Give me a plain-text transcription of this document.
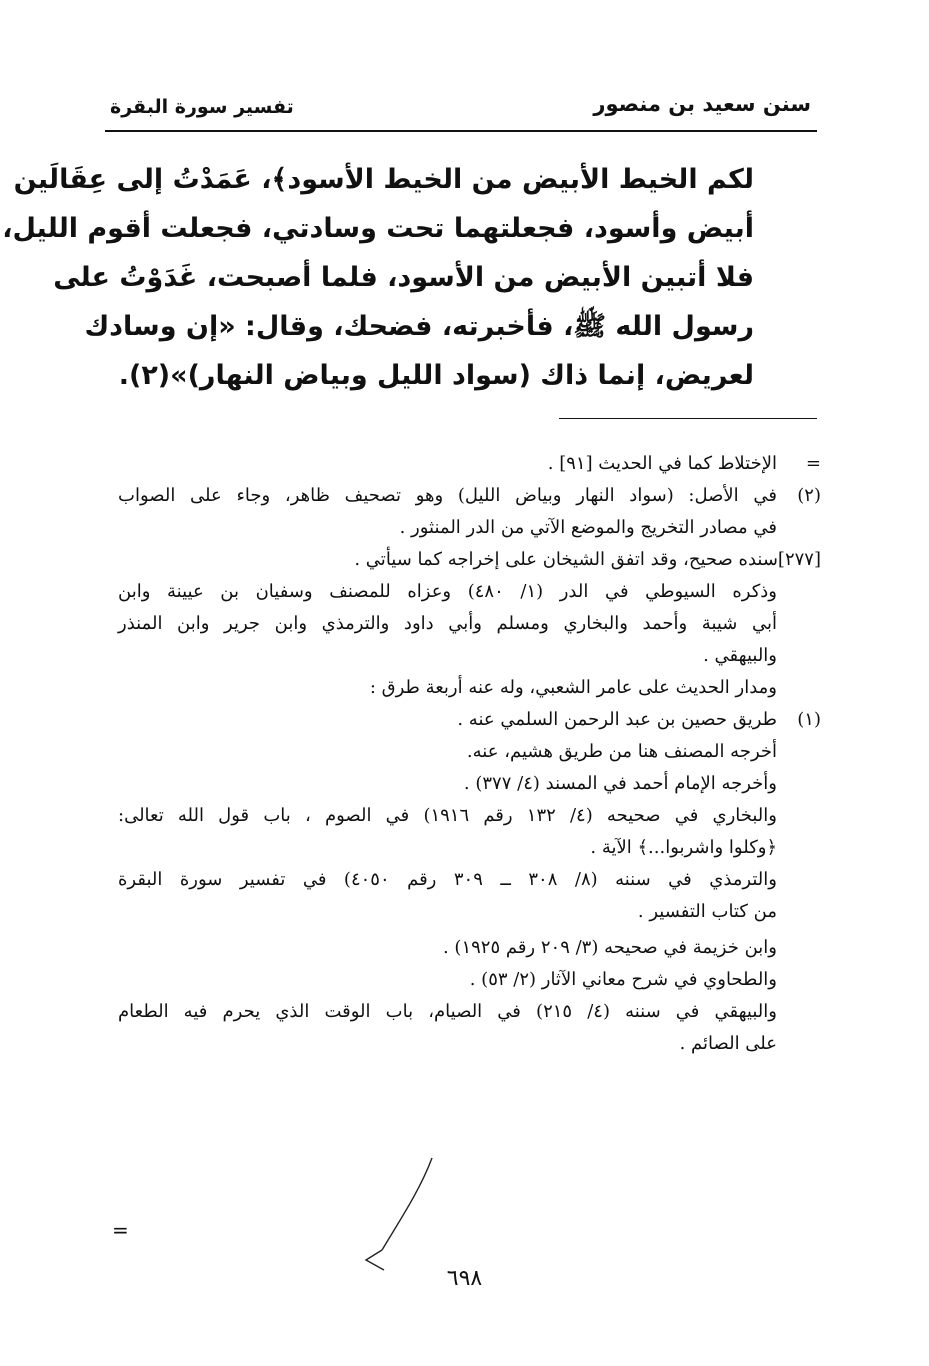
سنن سعيد بن منصور
تفسير سورة البقرة
لكم الخيط الأبيض من الخيط الأسود﴾، عَمَدْتُ إلى عِقَالَين
أبيض وأسود، فجعلتهما تحت وسادتي، فجعلت أقوم الليل،
فلا أتبين الأبيض من الأسود، فلما أصبحت، غَدَوْتُ على
رسول الله ﷺ، فأخبرته، فضحك، وقال: «إن وسادك
لعريض، إنما ذاك (سواد الليل وبياض النهار)»(٢).
=
الإختلاط كما في الحديث [٩١] .
(٢)
في الأصل: (سواد النهار وبياض الليل) وهو تصحيف ظاهر، وجاء على الصواب
في مصادر التخريج والموضع الآتي من الدر المنثور .
[٢٧٧]سنده صحيح، وقد اتفق الشيخان على إخراجه كما سيأتي .
وذكره السيوطي في الدر (١/ ٤٨٠) وعزاه للمصنف وسفيان بن عيينة وابن
أبي شيبة وأحمد والبخاري ومسلم وأبي داود والترمذي وابن جرير وابن المنذر
والبيهقي .
ومدار الحديث على عامر الشعبي، وله عنه أربعة طرق :
(١)
طريق حصين بن عبد الرحمن السلمي عنه .
أخرجه المصنف هنا من طريق هشيم، عنه.
وأخرجه الإمام أحمد في المسند (٤/ ٣٧٧) .
والبخاري في صحيحه (٤/ ١٣٢ رقم ١٩١٦) في الصوم ، باب قول الله تعالى:
﴿وكلوا واشربوا...﴾ الآية .
والترمذي في سننه (٨/ ٣٠٨ ــ ٣٠٩ رقم ٤٠٥٠) في تفسير سورة البقرة
من كتاب التفسير .
وابن خزيمة في صحيحه (٣/ ٢٠٩ رقم ١٩٢٥) .
والطحاوي في شرح معاني الآثار (٢/ ٥٣) .
والبيهقي في سننه (٤/ ٢١٥) في الصيام، باب الوقت الذي يحرم فيه الطعام
على الصائم .
=
٦٩٨
